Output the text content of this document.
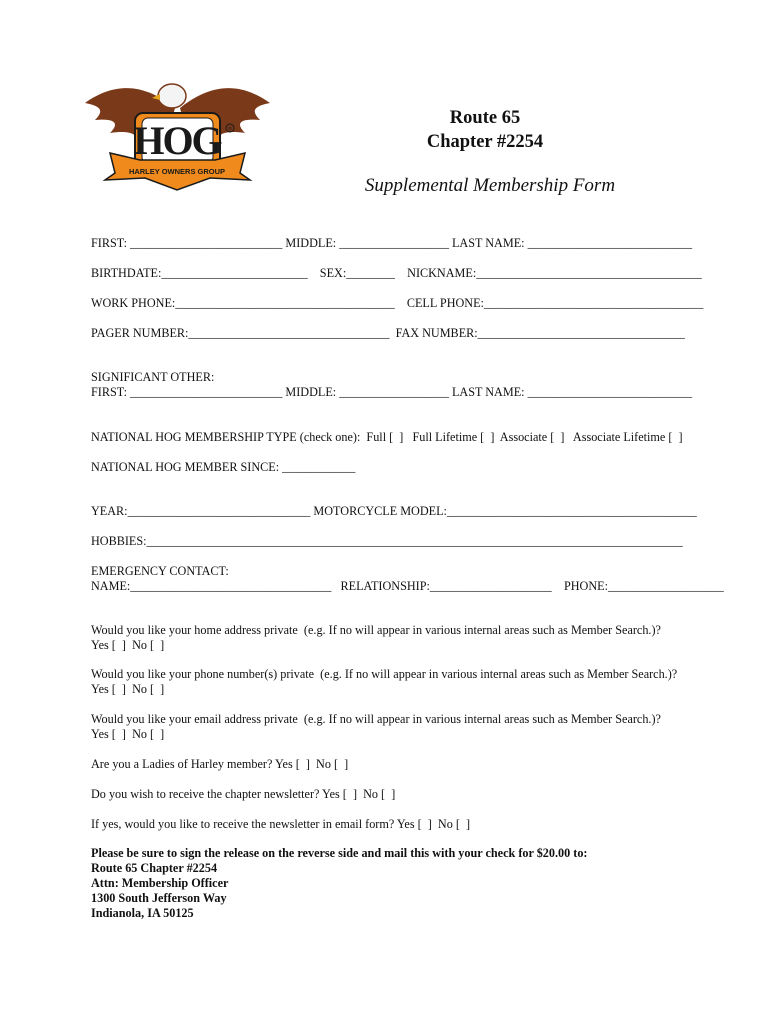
HOG
HARLEY OWNERS GROUP
®
Route 65
Chapter #2254
Supplemental Membership Form
FIRST: _________________________ MIDDLE: __________________ LAST NAME: ___________________________
BIRTHDATE:________________________    SEX:________    NICKNAME:_____________________________________
WORK PHONE:____________________________________    CELL PHONE:____________________________________
PAGER NUMBER:_________________________________  FAX NUMBER:__________________________________
SIGNIFICANT OTHER:
FIRST: _________________________ MIDDLE: __________________ LAST NAME: ___________________________
NATIONAL HOG MEMBERSHIP TYPE (check one):  Full [  ]   Full Lifetime [  ]  Associate [  ]   Associate Lifetime [  ]
NATIONAL HOG MEMBER SINCE: ____________
YEAR:______________________________ MOTORCYCLE MODEL:_________________________________________
HOBBIES:________________________________________________________________________________________
EMERGENCY CONTACT:
NAME:_________________________________   RELATIONSHIP:____________________    PHONE:___________________
Would you like your home address private  (e.g. If no will appear in various internal areas such as Member Search.)?
Yes [  ]  No [  ]
Would you like your phone number(s) private  (e.g. If no will appear in various internal areas such as Member Search.)?
Yes [  ]  No [  ]
Would you like your email address private  (e.g. If no will appear in various internal areas such as Member Search.)?
Yes [  ]  No [  ]
Are you a Ladies of Harley member? Yes [  ]  No [  ]
Do you wish to receive the chapter newsletter? Yes [  ]  No [  ]
If yes, would you like to receive the newsletter in email form? Yes [  ]  No [  ]
Please be sure to sign the release on the reverse side and mail this with your check for $20.00 to:
Route 65 Chapter #2254
Attn: Membership Officer
1300 South Jefferson Way
Indianola, IA 50125
